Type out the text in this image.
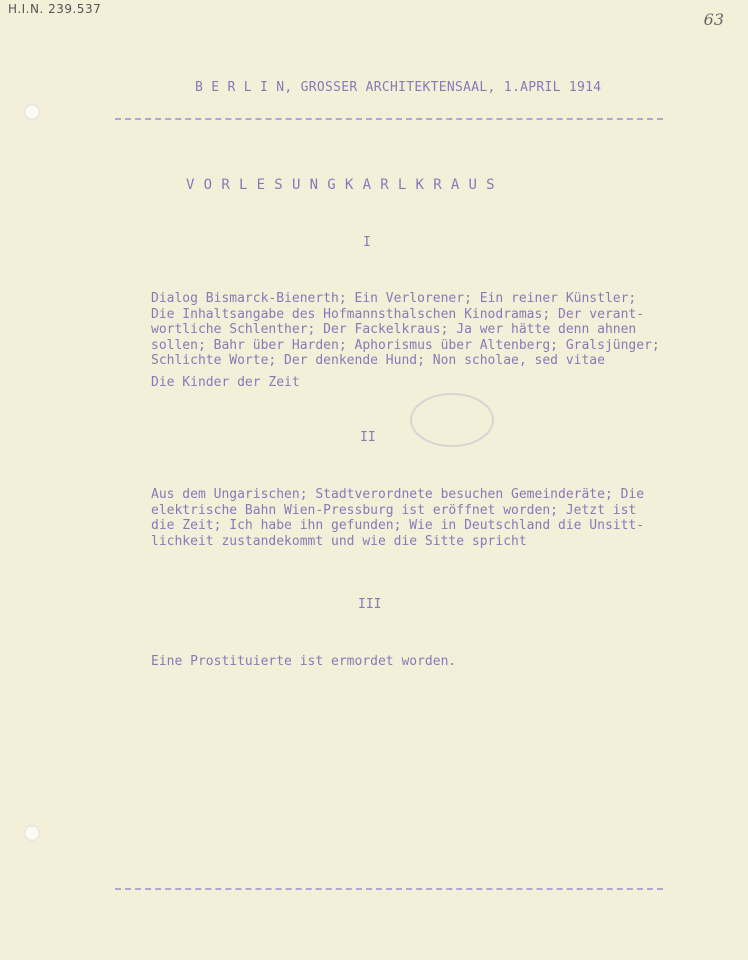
H.I.N. 239.537
63
B E R L I N, GROSSER ARCHITEKTENSAAL, 1.APRIL 1914
V O R L E S U N G K A R L K R A U S
I
Dialog Bismarck-Bienerth; Ein Verlorener; Ein reiner Künstler;
Die Inhaltsangabe des Hofmannsthalschen Kinodramas; Der verant-
wortliche Schlenther; Der Fackelkraus; Ja wer hätte denn ahnen
sollen; Bahr über Harden; Aphorismus über Altenberg; Gralsjünger;
Schlichte Worte; Der denkende Hund; Non scholae, sed vitae
Die Kinder der Zeit
II
Aus dem Ungarischen; Stadtverordnete besuchen Gemeinderäte; Die
elektrische Bahn Wien-Pressburg ist eröffnet worden; Jetzt ist
die Zeit; Ich habe ihn gefunden; Wie in Deutschland die Unsitt-
lichkeit zustandekommt und wie die Sitte spricht
III
Eine Prostituierte ist ermordet worden.
